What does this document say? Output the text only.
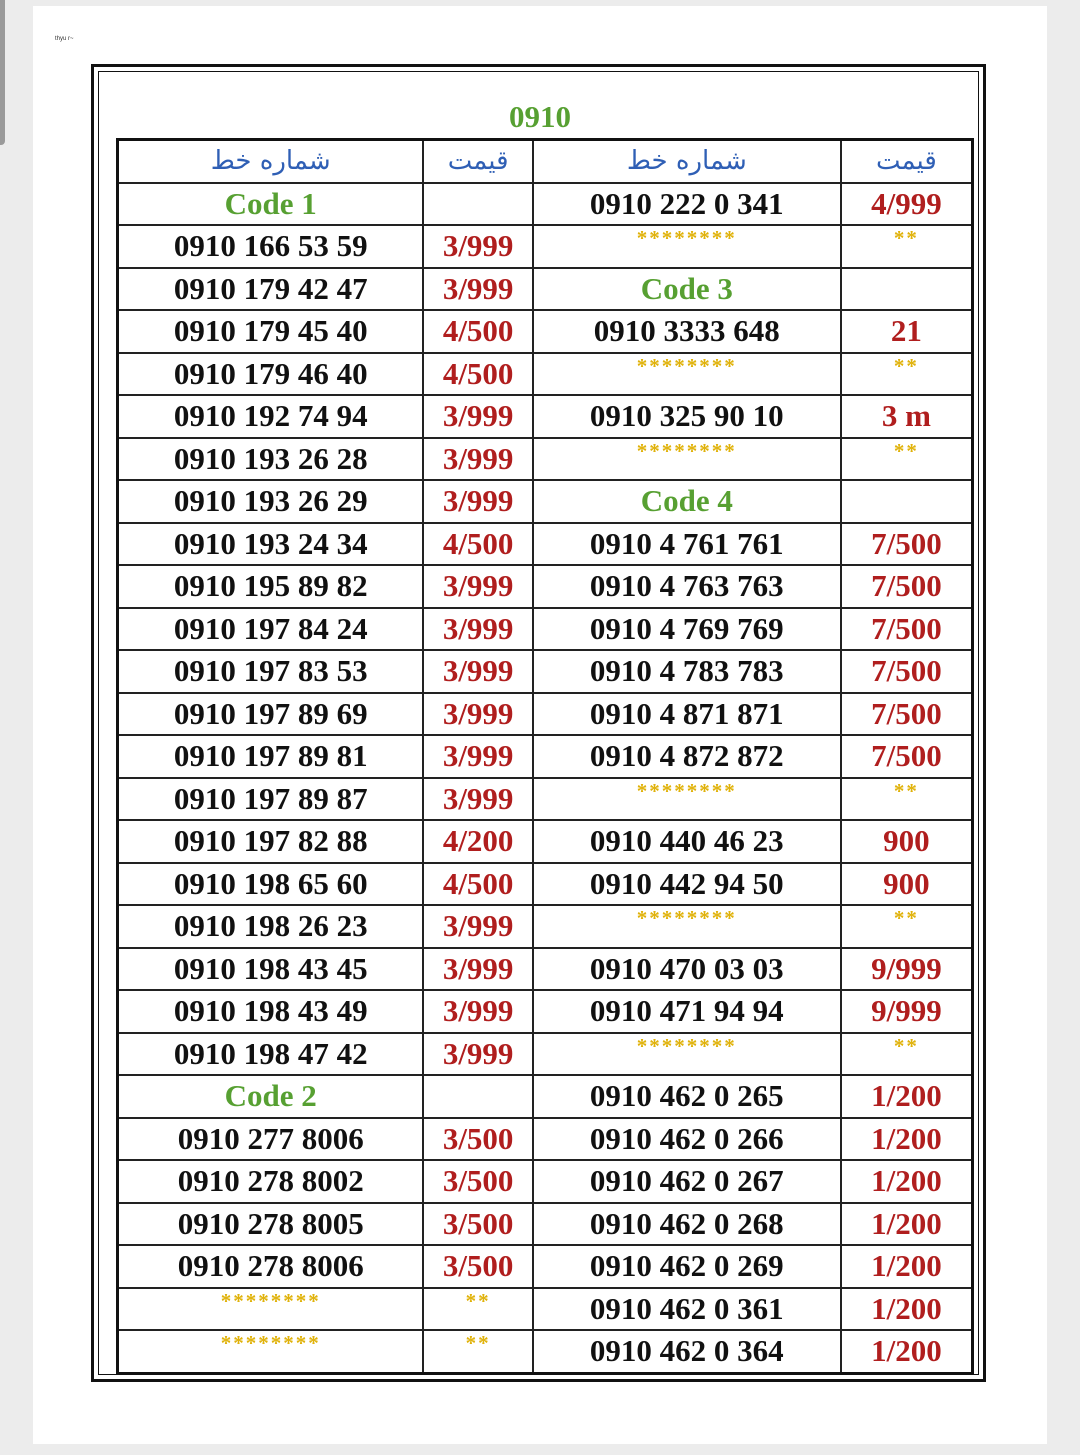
thyu r~
0910
شماره خط	قيمت	شماره خط	قيمت
Code 1		0910 222 0 341	4/999
0910 166 53 59	3/999	********	**
0910 179 42 47	3/999	Code 3	
0910 179 45 40	4/500	0910 3333 648	21
0910 179 46 40	4/500	********	**
0910 192 74 94	3/999	0910 325 90 10	3 m
0910 193 26 28	3/999	********	**
0910 193 26 29	3/999	Code 4	
0910 193 24 34	4/500	0910 4 761 761	7/500
0910 195 89 82	3/999	0910 4 763 763	7/500
0910 197 84 24	3/999	0910 4 769 769	7/500
0910 197 83 53	3/999	0910 4 783 783	7/500
0910 197 89 69	3/999	0910 4 871 871	7/500
0910 197 89 81	3/999	0910 4 872 872	7/500
0910 197 89 87	3/999	********	**
0910 197 82 88	4/200	0910 440 46 23	900
0910 198 65 60	4/500	0910 442 94 50	900
0910 198 26 23	3/999	********	**
0910 198 43 45	3/999	0910 470 03 03	9/999
0910 198 43 49	3/999	0910 471 94 94	9/999
0910 198 47 42	3/999	********	**
Code 2		0910 462 0 265	1/200
0910 277 8006	3/500	0910 462 0 266	1/200
0910 278 8002	3/500	0910 462 0 267	1/200
0910 278 8005	3/500	0910 462 0 268	1/200
0910 278 8006	3/500	0910 462 0 269	1/200
********	**	0910 462 0 361	1/200
********	**	0910 462 0 364	1/200
